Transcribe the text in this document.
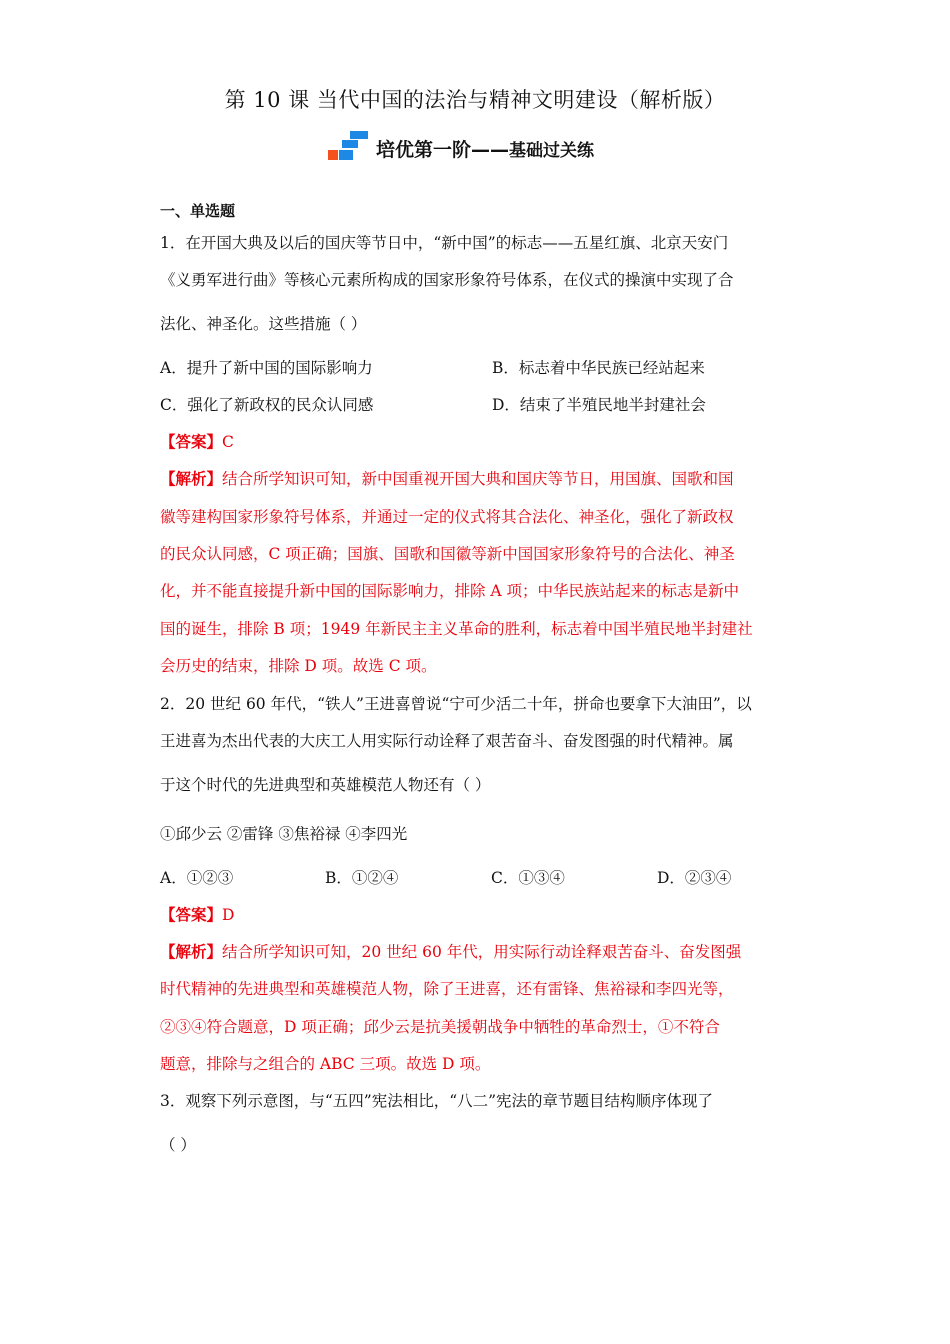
第 10 课 当代中国的法治与精神文明建设（解析版）
培优第一阶——基础过关练
一、单选题
1．在开国大典及以后的国庆等节日中，“新中国”的标志——五星红旗、北京天安门
《义勇军进行曲》等核心元素所构成的国家形象符号体系，在仪式的操演中实现了合
法化、神圣化。这些措施（ ）
A．提升了新中国的国际影响力	B．标志着中华民族已经站起来
C．强化了新政权的民众认同感	D．结束了半殖民地半封建社会
【答案】C
【解析】结合所学知识可知，新中国重视开国大典和国庆等节日，用国旗、国歌和国
徽等建构国家形象符号体系，并通过一定的仪式将其合法化、神圣化，强化了新政权
的民众认同感，C 项正确；国旗、国歌和国徽等新中国国家形象符号的合法化、神圣
化，并不能直接提升新中国的国际影响力，排除 A 项；中华民族站起来的标志是新中
国的诞生，排除 B 项；1949 年新民主主义革命的胜利，标志着中国半殖民地半封建社
会历史的结束，排除 D 项。故选 C 项。
2．20 世纪 60 年代，“铁人”王进喜曾说“宁可少活二十年，拼命也要拿下大油田”，以
王进喜为杰出代表的大庆工人用实际行动诠释了艰苦奋斗、奋发图强的时代精神。属
于这个时代的先进典型和英雄模范人物还有（ ）
①邱少云 ②雷锋 ③焦裕禄 ④李四光
A．①②③	B．①②④	C．①③④	D．②③④
【答案】D
【解析】结合所学知识可知，20 世纪 60 年代，用实际行动诠释艰苦奋斗、奋发图强
时代精神的先进典型和英雄模范人物，除了王进喜，还有雷锋、焦裕禄和李四光等，
②③④符合题意，D 项正确；邱少云是抗美援朝战争中牺牲的革命烈士，①不符合
题意，排除与之组合的 ABC 三项。故选 D 项。
3．观察下列示意图，与“五四”宪法相比，“八二”宪法的章节题目结构顺序体现了
（ ）
